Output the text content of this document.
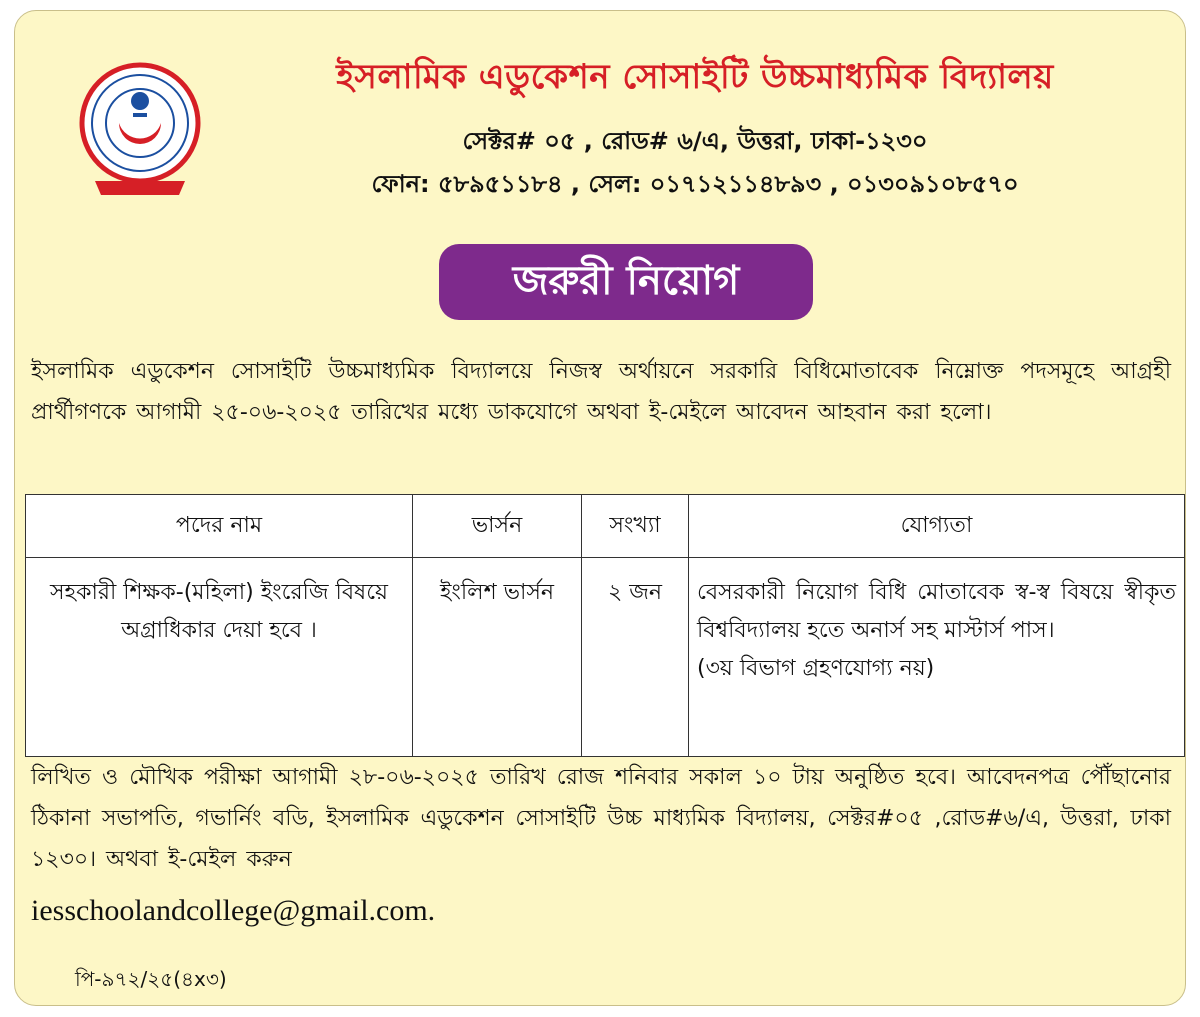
ইসলামিক এডুকেশন সোসাইটি উচ্চমাধ্যমিক বিদ্যালয়
সেক্টর# ০৫ , রোড# ৬/এ, উত্তরা, ঢাকা-১২৩০
ফোন: ৫৮৯৫১১৮৪ , সেল: ০১৭১২১১৪৮৯৩ , ০১৩০৯১০৮৫৭০
জরুরী নিয়োগ
ইসলামিক এডুকেশন সোসাইটি উচ্চমাধ্যমিক বিদ্যালয়ে নিজস্ব অর্থায়নে সরকারি বিধিমোতাবেক নিম্নোক্ত পদসমূহে আগ্রহী প্রার্থীগণকে আগামী ২৫-০৬-২০২৫ তারিখের মধ্যে ডাকযোগে অথবা ই-মেইলে আবেদন আহবান করা হলো।
পদের নাম	ভার্সন	সংখ্যা	যোগ্যতা
সহকারী শিক্ষক-(মহিলা) ইংরেজি বিষয়ে অগ্রাধিকার দেয়া হবে ।	ইংলিশ ভার্সন	২ জন	বেসরকারী নিয়োগ বিধি মোতাবেক স্ব-স্ব বিষয়ে স্বীকৃত বিশ্ববিদ্যালয় হতে অনার্স সহ মাস্টার্স পাস।
(৩য় বিভাগ গ্রহণযোগ্য নয়)
লিখিত ও মৌখিক পরীক্ষা আগামী ২৮-০৬-২০২৫ তারিখ রোজ শনিবার সকাল ১০ টায় অনুষ্ঠিত হবে। আবেদনপত্র পৌঁছানোর ঠিকানা সভাপতি, গভার্নিং বডি, ইসলামিক এডুকেশন সোসাইটি উচ্চ মাধ্যমিক বিদ্যালয়, সেক্টর#০৫ ,রোড#৬/এ, উত্তরা, ঢাকা ১২৩০। অথবা ই-মেইল করুন
iesschoolandcollege@gmail.com.
পি-৯৭২/২৫(৪x৩)
